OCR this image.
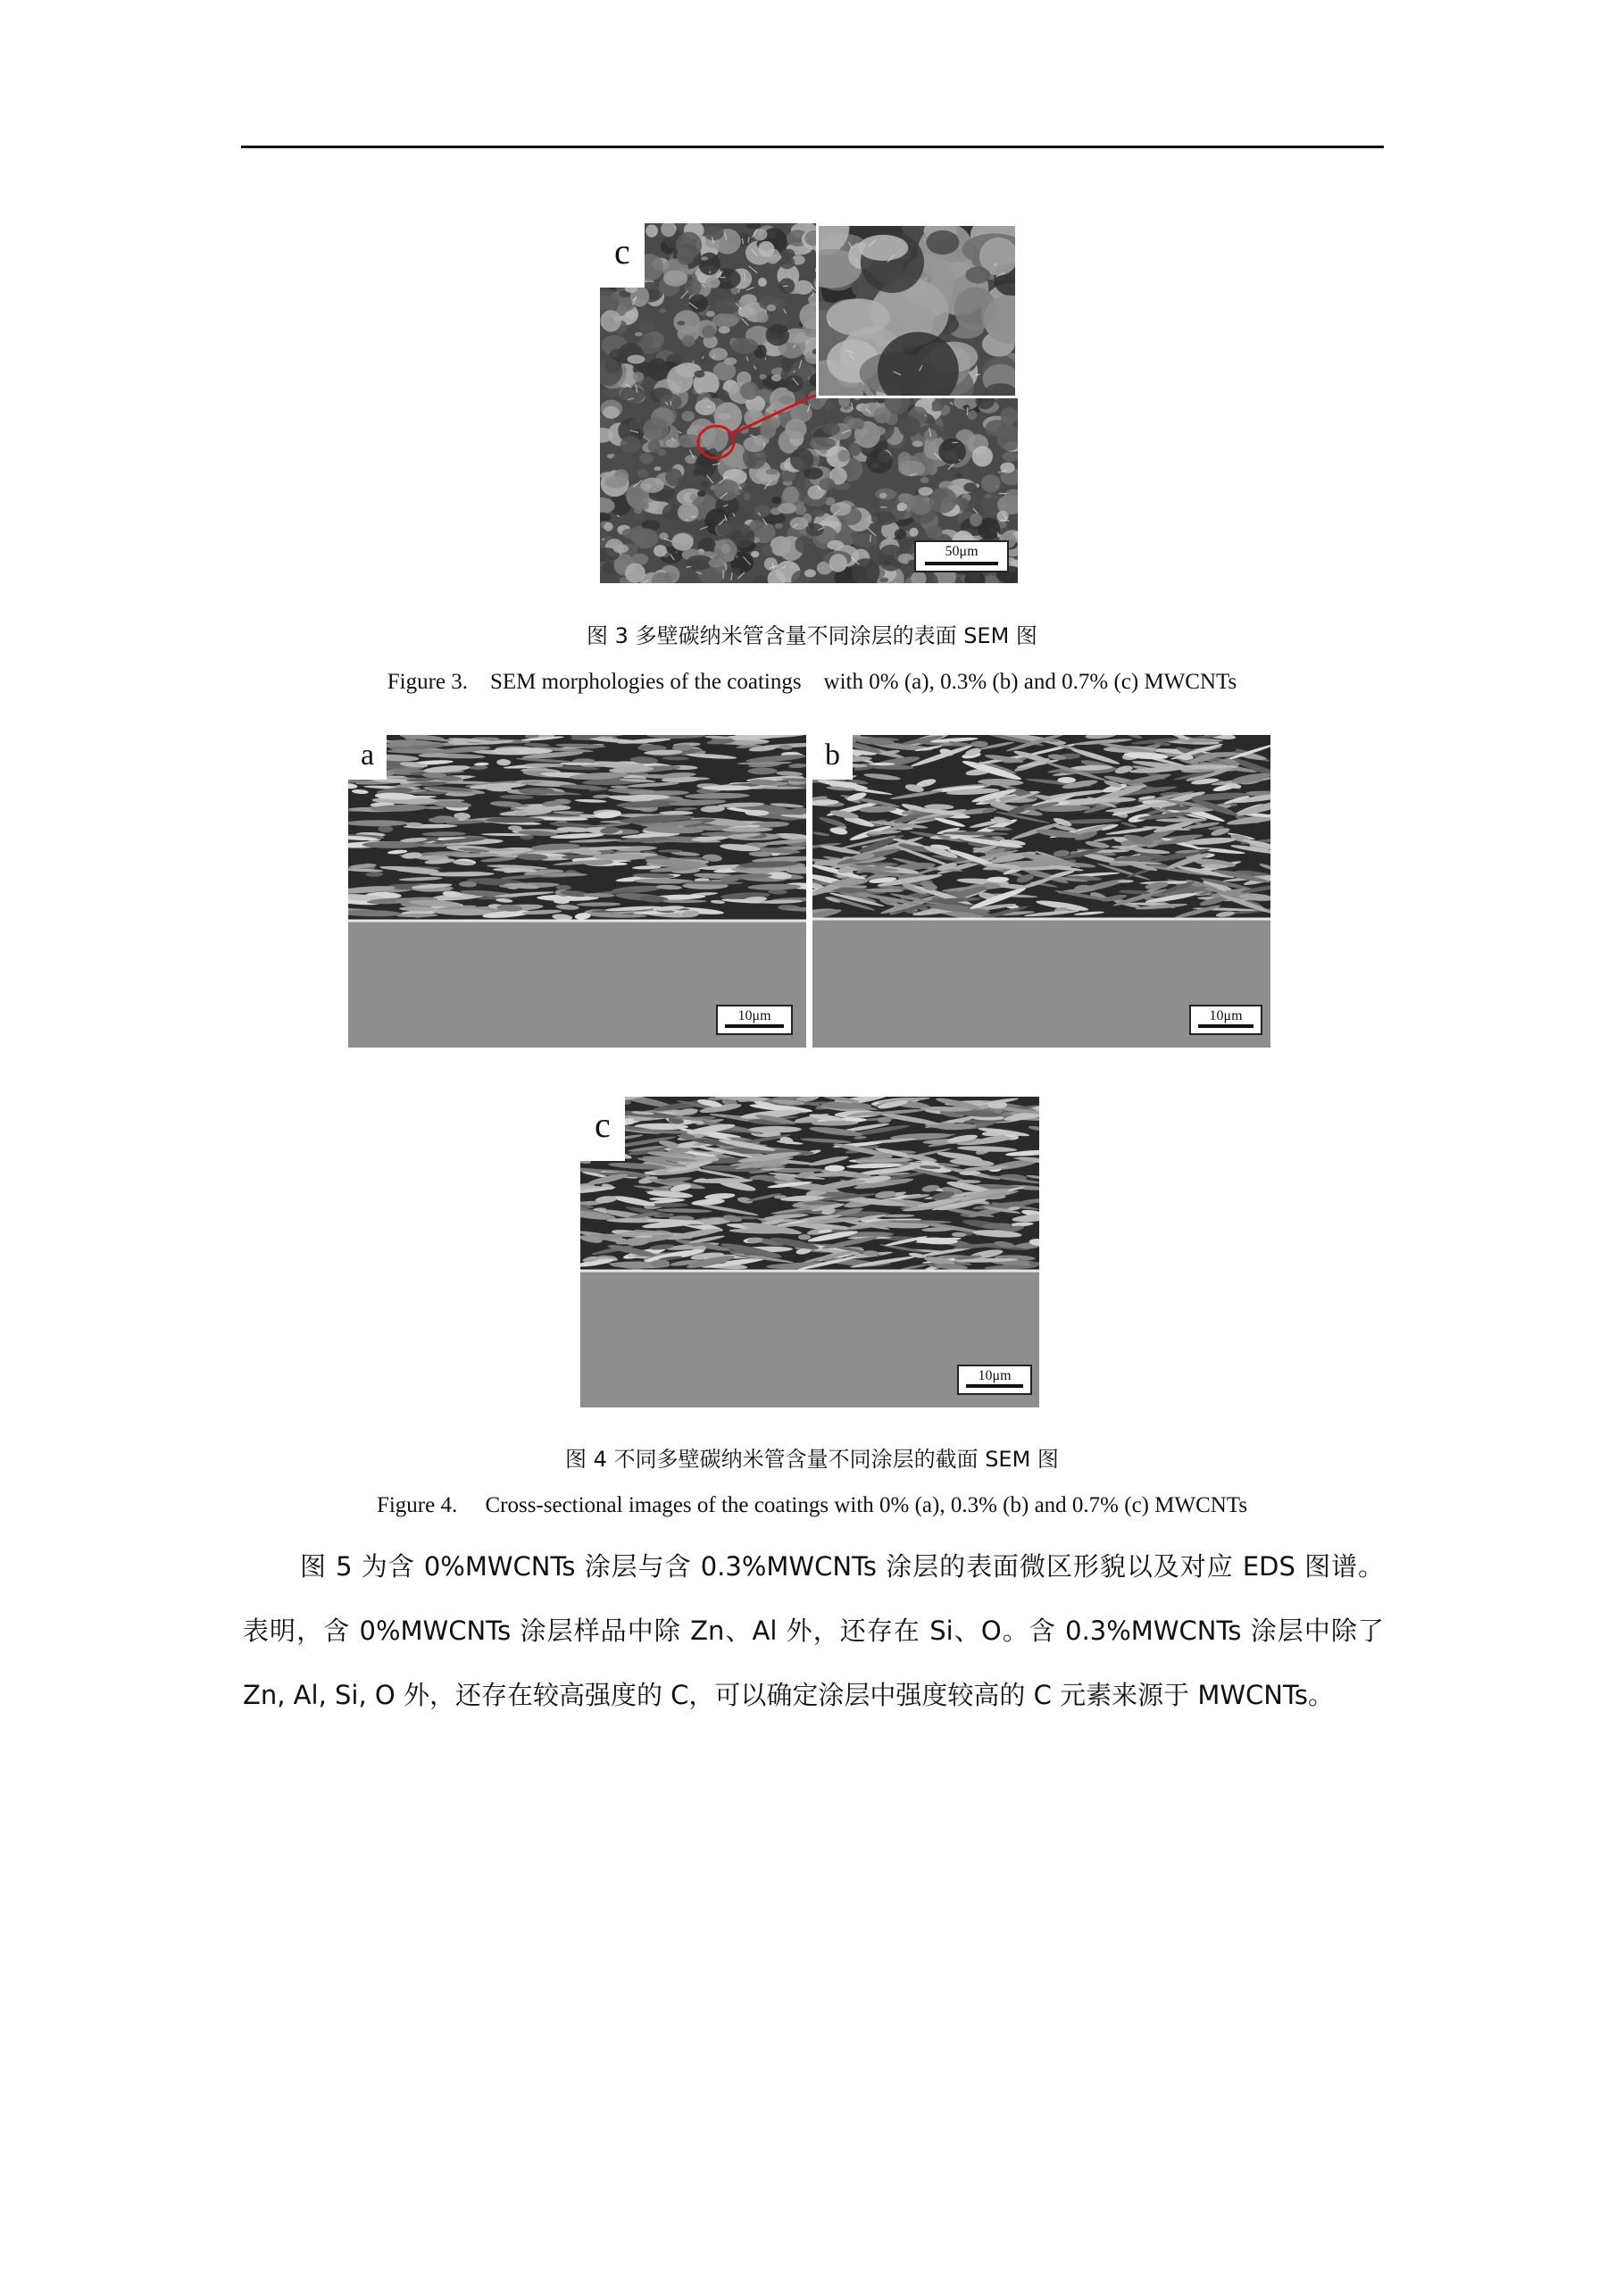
c
50μm
图 3 多壁碳纳米管含量不同涂层的表面 SEM 图
Figure 3.    SEM morphologies of the coatings    with 0% (a), 0.3% (b) and 0.7% (c) MWCNTs
a
10μm
b
10μm
c
10μm
图 4 不同多壁碳纳米管含量不同涂层的截面 SEM 图
Figure 4.     Cross-sectional images of the coatings with 0% (a), 0.3% (b) and 0.7% (c) MWCNTs

图 5 为含 0%MWCNTs 涂层与含 0.3%MWCNTs 涂层的表面微区形貌以及对应 EDS 图谱。表明，含 0%MWCNTs 涂层样品中除 Zn、Al 外，还存在 Si、O。含 0.3%MWCNTs 涂层中除了 Zn, Al, Si, O 外，还存在较高强度的 C，可以确定涂层中强度较高的 C 元素来源于 MWCNTs。
